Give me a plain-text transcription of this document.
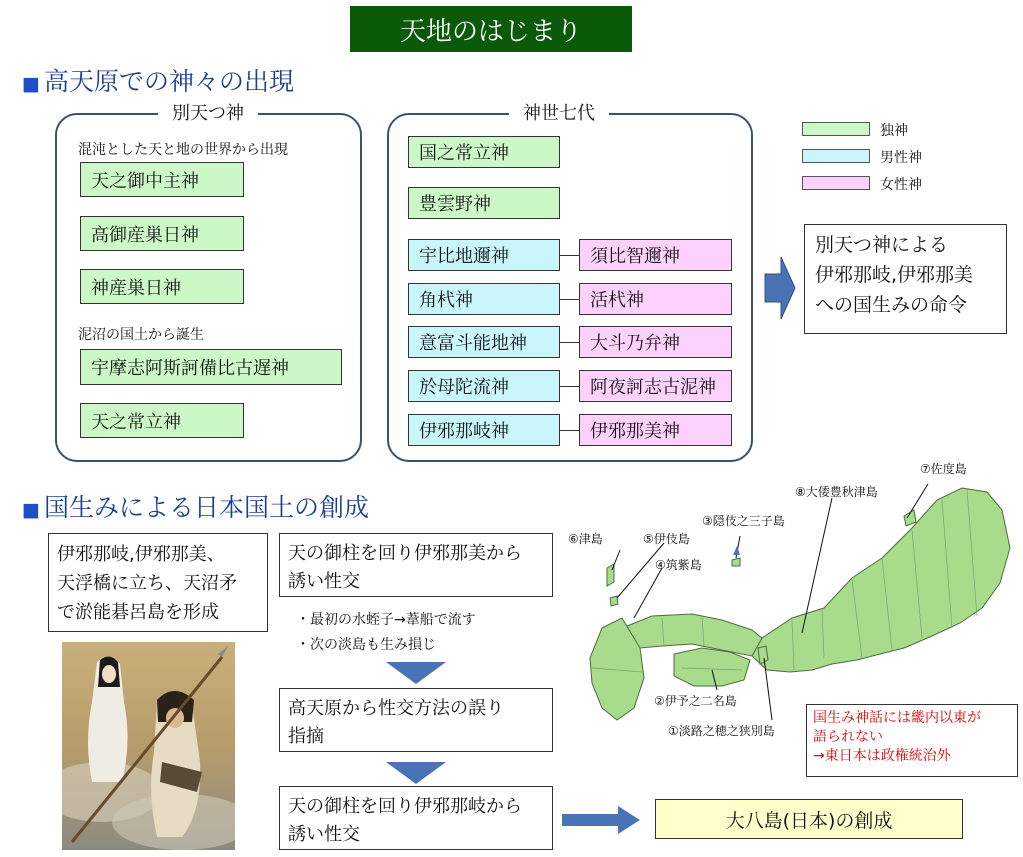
天地のはじまり
■ 高天原での神々の出現
別天つ神
混沌とした天と地の世界から出現
天之御中主神
高御産巣日神
神産巣日神
泥沼の国土から誕生
宇摩志阿斯訶備比古遅神
天之常立神
神世七代
国之常立神
豊雲野神
宇比地邇神	須比智邇神
角杙神	活杙神
意富斗能地神	大斗乃弁神
於母陀流神	阿夜訶志古泥神
伊邪那岐神	伊邪那美神
独神
男性神
女性神
別天つ神による
伊邪那岐,伊邪那美
への国生みの命令
■ 国生みによる日本国土の創成
伊邪那岐,伊邪那美、
天浮橋に立ち、天沼矛
で淤能碁呂島を形成
天の御柱を回り伊邪那美から
誘い性交
・最初の水蛭子→葦船で流す
・次の淡島も生み損じ
高天原から性交方法の誤り
指摘
天の御柱を回り伊邪那岐から
誘い性交
大八島(日本)の創成
⑦佐度島
⑧大倭豊秋津島
③隠伎之三子島
⑥津島	⑤伊伎島
④筑紫島
②伊予之二名島
①淡路之穂之狭別島
国生み神話には畿内以東が
語られない
→東日本は政権統治外
